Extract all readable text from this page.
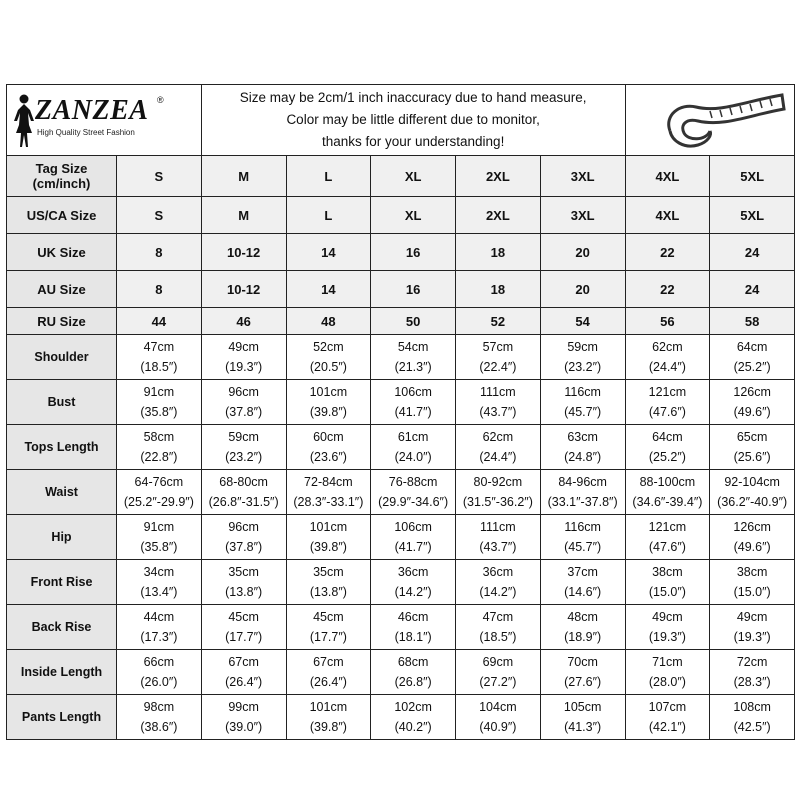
ZANZEA ®
High Quality Street Fashion		Size may be 2cm/1 inch inaccuracy due to hand measure,
Color may be little different due to monitor,
thanks for your understanding!

Tag Size
(cm/inch)	S	M	L	XL	2XL	3XL	4XL	5XL

US/CA Size	S	M	L	XL	2XL	3XL	4XL	5XL

UK Size	8	10-12	14	16	18	20	22	24

AU Size	8	10-12	14	16	18	20	22	24

RU Size	44	46	48	50	52	54	56	58
Shoulder	47cm
(18.5″)	49cm
(19.3″)	52cm
(20.5″)	54cm
(21.3″)	57cm
(22.4″)	59cm
(23.2″)	62cm
(24.4″)	64cm
(25.2″)

Bust	91cm
(35.8″)	96cm
(37.8″)	101cm
(39.8″)	106cm
(41.7″)	111cm
(43.7″)	116cm
(45.7″)	121cm
(47.6″)	126cm
(49.6″)

Tops Length	58cm
(22.8″)	59cm
(23.2″)	60cm
(23.6″)	61cm
(24.0″)	62cm
(24.4″)	63cm
(24.8″)	64cm
(25.2″)	65cm
(25.6″)

Waist	64-76cm
(25.2″-29.9″)	68-80cm
(26.8″-31.5″)	72-84cm
(28.3″-33.1″)	76-88cm
(29.9″-34.6″)	80-92cm
(31.5″-36.2″)	84-96cm
(33.1″-37.8″)	88-100cm
(34.6″-39.4″)	92-104cm
(36.2″-40.9″)

Hip	91cm
(35.8″)	96cm
(37.8″)	101cm
(39.8″)	106cm
(41.7″)	111cm
(43.7″)	116cm
(45.7″)	121cm
(47.6″)	126cm
(49.6″)

Front Rise	34cm
(13.4″)	35cm
(13.8″)	35cm
(13.8″)	36cm
(14.2″)	36cm
(14.2″)	37cm
(14.6″)	38cm
(15.0″)	38cm
(15.0″)

Back Rise	44cm
(17.3″)	45cm
(17.7″)	45cm
(17.7″)	46cm
(18.1″)	47cm
(18.5″)	48cm
(18.9″)	49cm
(19.3″)	49cm
(19.3″)

Inside Length	66cm
(26.0″)	67cm
(26.4″)	67cm
(26.4″)	68cm
(26.8″)	69cm
(27.2″)	70cm
(27.6″)	71cm
(28.0″)	72cm
(28.3″)

Pants Length	98cm
(38.6″)	99cm
(39.0″)	101cm
(39.8″)	102cm
(40.2″)	104cm
(40.9″)	105cm
(41.3″)	107cm
(42.1″)	108cm
(42.5″)
